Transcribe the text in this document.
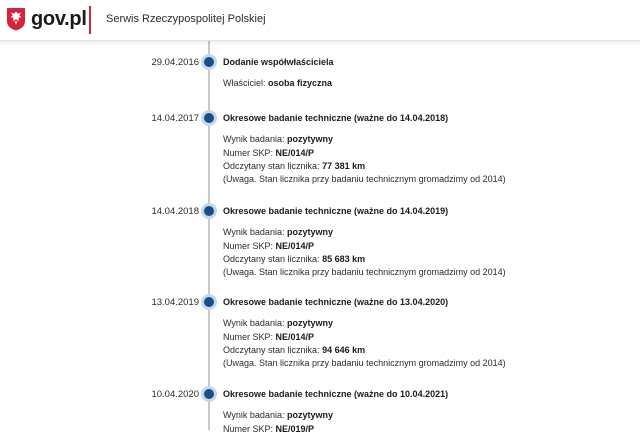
gov.pl Serwis Rzeczypospolitej Polskiej
29.04.2016	Dodanie współwłaściciela
Właściciel: osoba fizyczna
14.04.2017	Okresowe badanie techniczne (ważne do 14.04.2018)
Wynik badania: pozytywny
Numer SKP: NE/014/P
Odczytany stan licznika: 77 381 km
(Uwaga. Stan licznika przy badaniu technicznym gromadzimy od 2014)
14.04.2018	Okresowe badanie techniczne (ważne do 14.04.2019)
Wynik badania: pozytywny
Numer SKP: NE/014/P
Odczytany stan licznika: 85 683 km
(Uwaga. Stan licznika przy badaniu technicznym gromadzimy od 2014)
13.04.2019	Okresowe badanie techniczne (ważne do 13.04.2020)
Wynik badania: pozytywny
Numer SKP: NE/014/P
Odczytany stan licznika: 94 646 km
(Uwaga. Stan licznika przy badaniu technicznym gromadzimy od 2014)
10.04.2020	Okresowe badanie techniczne (ważne do 10.04.2021)
Wynik badania: pozytywny
Numer SKP: NE/019/P
